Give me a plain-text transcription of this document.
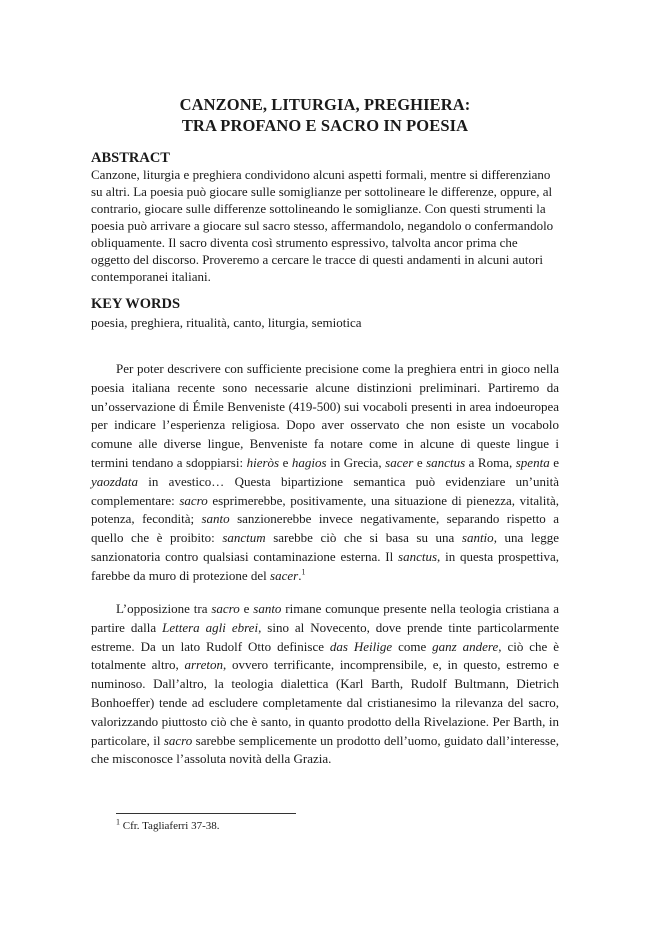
CANZONE, LITURGIA, PREGHIERA:
TRA PROFANO E SACRO IN POESIA
ABSTRACT
Canzone, liturgia e preghiera condividono alcuni aspetti formali, mentre si differenziano su altri. La poesia può giocare sulle somiglianze per sottolineare le differenze, oppure, al contrario, giocare sulle differenze sottolineando le somiglianze. Con questi strumenti la poesia può arrivare a giocare sul sacro stesso, affermandolo, negandolo o confermandolo obliquamente. Il sacro diventa così strumento espressivo, talvolta ancor prima che oggetto del discorso. Proveremo a cercare le tracce di questi andamenti in alcuni autori contemporanei italiani.
KEY WORDS
poesia, preghiera, ritualità, canto, liturgia, semiotica
Per poter descrivere con sufficiente precisione come la preghiera entri in gioco nella poesia italiana recente sono necessarie alcune distinzioni preliminari. Partiremo da un’osservazione di Émile Benveniste (419-500) sui vocaboli presenti in area indoeuropea per indicare l’esperienza religiosa. Dopo aver osservato che non esiste un vocabolo comune alle diverse lingue, Benveniste fa notare come in alcune di queste lingue i termini tendano a sdoppiarsi: hieròs e hagios in Grecia, sacer e sanctus a Roma, spenta e yaozdata in avestico… Questa bipartizione semantica può evidenziare un’unità complementare: sacro esprimerebbe, positivamente, una situazione di pienezza, vitalità, potenza, fecondità; santo sanzionerebbe invece negativamente, separando rispetto a quello che è proibito: sanctum sarebbe ciò che si basa su una santio, una legge sanzionatoria contro qualsiasi contaminazione esterna. Il sanctus, in questa prospettiva, farebbe da muro di protezione del sacer.$^1$
L’opposizione tra sacro e santo rimane comunque presente nella teologia cristiana a partire dalla Lettera agli ebrei, sino al Novecento, dove prende tinte particolarmente estreme. Da un lato Rudolf Otto definisce das Heilige come ganz andere, ciò che è totalmente altro, arreton, ovvero terrificante, incomprensibile, e, in questo, estremo e numinoso. Dall’altro, la teologia dialettica (Karl Barth, Rudolf Bultmann, Dietrich Bonhoeffer) tende ad escludere completamente dal cristianesimo la rilevanza del sacro, valorizzando piuttosto ciò che è santo, in quanto prodotto della Rivelazione. Per Barth, in particolare, il sacro sarebbe semplicemente un prodotto dell’uomo, guidato dall’interesse, che misconosce l’assoluta novità della Grazia.
$^1$ Cfr. Tagliaferri 37-38.
